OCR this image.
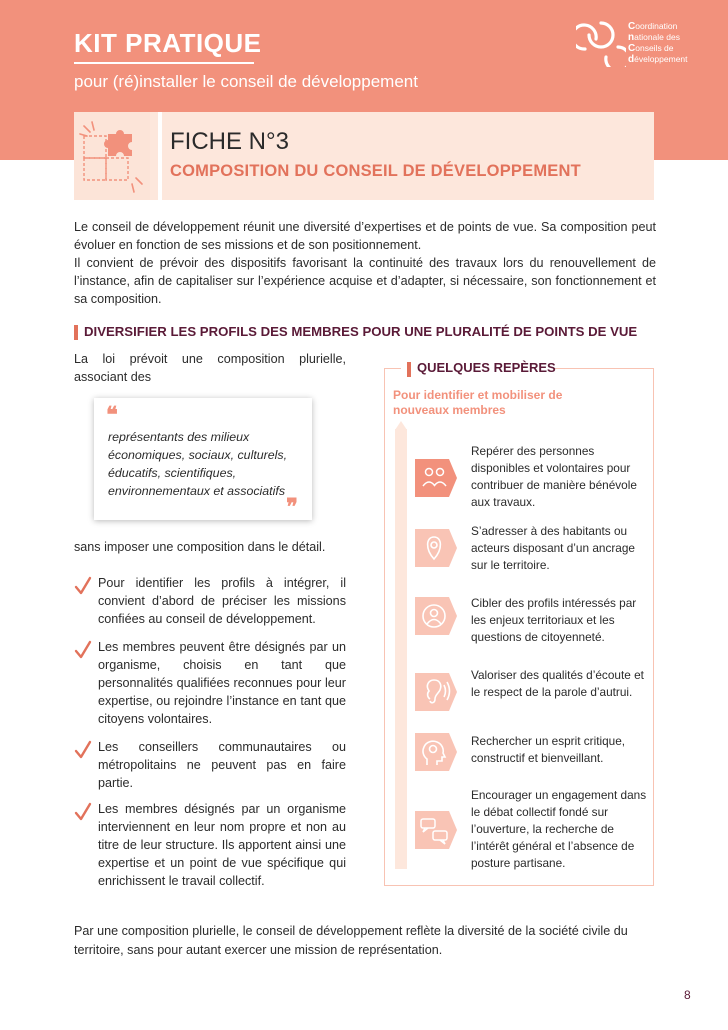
KIT PRATIQUE
pour (ré)installer le conseil de développement
Coordination
nationale des
Conseils de
développement
FICHE N°3
COMPOSITION DU CONSEIL DE DÉVELOPPEMENT

Le conseil de développement réunit une diversité d’expertises et de points de vue. Sa composition peut évoluer en fonction de ses missions et de son positionnement.

Il convient de prévoir des dispositifs favorisant la continuité des travaux lors du renouvellement de l’instance, afin de capitaliser sur l’expérience acquise et d’adapter, si nécessaire, son fonctionnement et sa composition.

DIVERSIFIER LES PROFILS DES MEMBRES POUR UNE PLURALITÉ DE POINTS DE VUE
La loi prévoit une composition plurielle, associant des
❝
représentants des milieux économiques, sociaux, culturels, éducatifs, scientifiques, environnementaux et associatifs
❞
sans imposer une composition dans le détail.
Pour identifier les profils à intégrer, il convient d’abord de préciser les missions confiées au conseil de développement.
Les membres peuvent être désignés par un organisme, choisis en tant que personnalités qualifiées reconnues pour leur expertise, ou rejoindre l’instance en tant que citoyens volontaires.
Les conseillers communautaires ou métropolitains ne peuvent pas en faire partie.
Les membres désignés par un organisme interviennent en leur nom propre et non au titre de leur structure. Ils apportent ainsi une expertise et un point de vue spécifique qui enrichissent le travail collectif.
QUELQUES REPÈRES
Pour identifier et mobiliser de nouveaux membres
Repérer des personnes disponibles et volontaires pour contribuer de manière bénévole aux travaux.
S’adresser à des habitants ou acteurs disposant d’un ancrage sur le territoire.
Cibler des profils intéressés par les enjeux territoriaux et les questions de citoyenneté.
Valoriser des qualités d’écoute et le respect de la parole d’autrui.
Rechercher un esprit critique, constructif et bienveillant.
Encourager un engagement dans le débat collectif fondé sur l’ouverture, la recherche de l’intérêt général et l’absence de posture partisane.
Par une composition plurielle, le conseil de développement reflète la diversité de la société civile du territoire, sans pour autant exercer une mission de représentation.
8
